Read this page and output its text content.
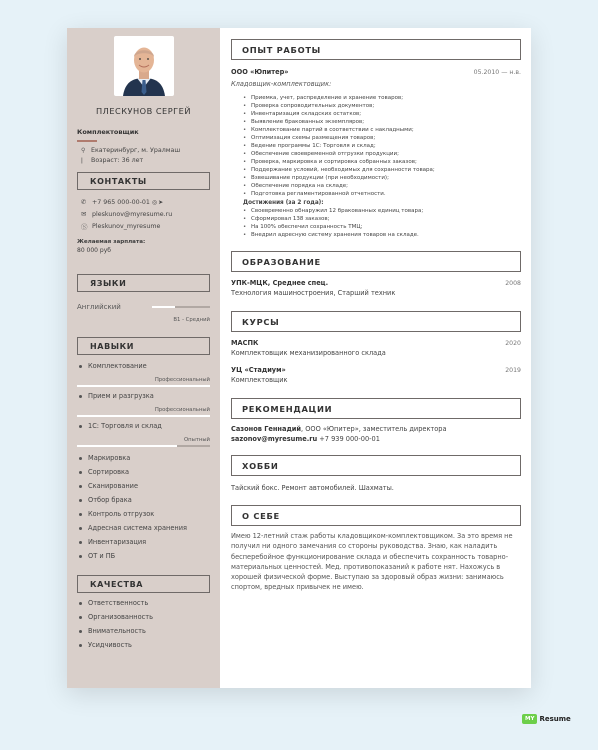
ПЛЕСКУНОВ СЕРГЕЙ
Комплектовщик
⚲ Екатеринбург, м. Уралмаш
ǀ	Возраст: 36 лет
КОНТАКТЫ
✆ +7 965 000-00-01 ◎ ➤
✉ pleskunov@myresume.ru
Ⓢ Pleskunov_myresume
Желаемая зарплата:
80 000 руб
ЯЗЫКИ
Английский
B1 - Средний
НАВЫКИ
Комплектование
Профессиональный
Прием и разгрузка
Профессиональный
1С: Торговля и склад
Опытный
Маркировка
Сортировка
Сканирование
Отбор брака
Контроль отгрузок
Адресная система хранения
Инвентаризация
ОТ и ПБ
КАЧЕСТВА
Ответственность
Организованность
Внимательность
Усидчивость
ОПЫТ РАБОТЫ
ООО «Юпитер»	05.2010 — н.в.
Кладовщик-комплектовщик:
• Приемка, учет, распределение и хранение товаров;
• Проверка сопроводительных документов;
• Инвентаризация складских остатков;
• Выявление бракованных экземпляров;
• Комплектование партий в соответствии с накладными;
• Оптимизация схемы размещения товаров;
• Ведение программы 1С: Торговля и склад;
• Обеспечение своевременной отгрузки продукции;
• Проверка, маркировка и сортировка собранных заказов;
• Поддержание условий, необходимых для сохранности товара;
• Взвешивание продукции (при необходимости);
• Обеспечение порядка на складе;
• Подготовка регламентированной отчетности.
Достижения (за 2 года):
• Своевременно обнаружил 12 бракованных единиц товара;
• Сформировал 138 заказов;
• На 100% обеспечил сохранность ТМЦ;
• Внедрил адресную систему хранения товаров на складе.
ОБРАЗОВАНИЕ
УПК-МЦК, Среднее спец.	2008
Технология машиностроения, Старший техник
КУРСЫ
МАСПК	2020
Комплектовщик механизированного склада
УЦ «Стадиум»	2019
Комплектовщик
РЕКОМЕНДАЦИИ
Сазонов Геннадий, ООО «Юпитер», заместитель директора
sazonov@myresume.ru +7 939 000-00-01
ХОББИ
Тайский бокс. Ремонт автомобилей. Шахматы.
О СЕБЕ
Имею 12-летний стаж работы кладовщиком-комплектовщиком. За это время не получил ни одного замечания со стороны руководства. Знаю, как наладить бесперебойное функционирование склада и обеспечить сохранность товарно-материальных ценностей. Мед. противопоказаний к работе нят. Нахожусь в хорошей физической форме. Выступаю за здоровый образ жизни: занимаюсь спортом, вредных привычек не имею.
MY Resume
